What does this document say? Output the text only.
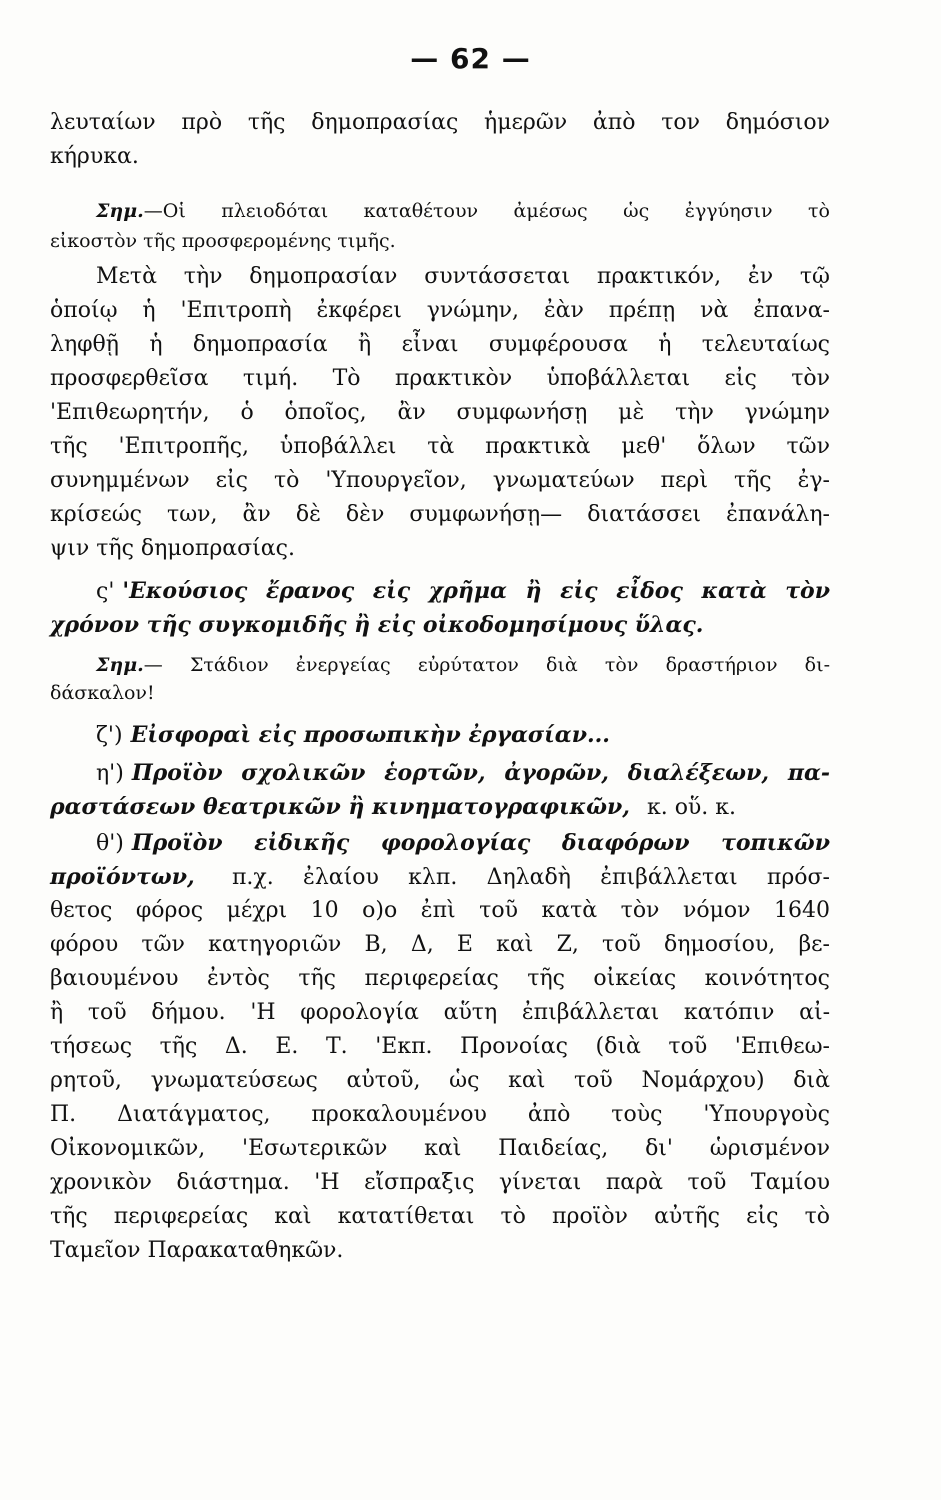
— 62 —
λευταίων πρὸ τῆς δημοπρασίας ἡμερῶν ἀπὸ τον δημόσιον
κήρυκα.
Σημ.—Οἱ πλειοδόται καταθέτουν ἀμέσως ὡς ἐγγύησιν τὸ
εἰκοστὸν τῆς προσφερομένης τιμῆς.
Μετὰ τὴν δημοπρασίαν συντάσσεται πρακτικόν, ἐν τῷ
ὁποίῳ ἡ 'Επιτροπὴ ἐκφέρει γνώμην, ἐὰν πρέπῃ νὰ ἐπανα-
ληφθῇ ἡ δημοπρασία ἢ εἶναι συμφέρουσα ἡ τελευταίως
προσφερθεῖσα τιμή. Τὸ πρακτικὸν ὑποβάλλεται εἰς τὸν
'Επιθεωρητήν, ὁ ὁποῖος, ἂν συμφωνήσῃ μὲ τὴν γνώμην
τῆς 'Επιτροπῆς, ὑποβάλλει τὰ πρακτικὰ μεθ' ὅλων τῶν
συνημμένων εἰς τὸ 'Υπουργεῖον, γνωματεύων περὶ τῆς ἐγ-
κρίσεώς των, ἂν δὲ δὲν συμφωνήσῃ— διατάσσει ἐπανάλη-
ψιν τῆς δημοπρασίας.
ς' 'Εκούσιος ἔρανος εἰς χρῆμα ἢ εἰς εἶδος κατὰ τὸν
χρόνον τῆς συγκομιδῆς ἢ εἰς οἰκοδομησίμους ὕλας.
Σημ.— Στάδιον ἐνεργείας εὐρύτατον διὰ τὸν δραστήριον δι-
δάσκαλον!
ζ') Εἰσφοραὶ εἰς προσωπικὴν ἐργασίαν...
η') Προϊὸν σχολικῶν ἑορτῶν, ἀγορῶν, διαλέξεων, πα-
ραστάσεων θεατρικῶν ἢ κινηματογραφικῶν, κ. οὕ. κ.
θ') Προϊὸν εἰδικῆς φορολογίας διαφόρων τοπικῶν
προϊόντων, π.χ. ἐλαίου κλπ. Δηλαδὴ ἐπιβάλλεται πρόσ-
θετος φόρος μέχρι 10 ο)ο ἐπὶ τοῦ κατὰ τὸν νόμον 1640
φόρου τῶν κατηγοριῶν Β, Δ, Ε καὶ Ζ, τοῦ δημοσίου, βε-
βαιουμένου ἐντὸς τῆς περιφερείας τῆς οἰκείας κοινότητος
ἢ τοῦ δήμου. 'Η φορολογία αὕτη ἐπιβάλλεται κατόπιν αἰ-
τήσεως τῆς Δ. Ε. Τ. 'Εκπ. Προνοίας (διὰ τοῦ 'Επιθεω-
ρητοῦ, γνωματεύσεως αὐτοῦ, ὡς καὶ τοῦ Νομάρχου) διὰ
Π. Διατάγματος, προκαλουμένου ἀπὸ τοὺς 'Υπουργοὺς
Οἰκονομικῶν, 'Εσωτερικῶν καὶ Παιδείας, δι' ὡρισμένον
χρονικὸν διάστημα. 'Η εἴσπραξις γίνεται παρὰ τοῦ Ταμίου
τῆς περιφερείας καὶ κατατίθεται τὸ προϊὸν αὐτῆς εἰς τὸ
Ταμεῖον Παρακαταθηκῶν.
